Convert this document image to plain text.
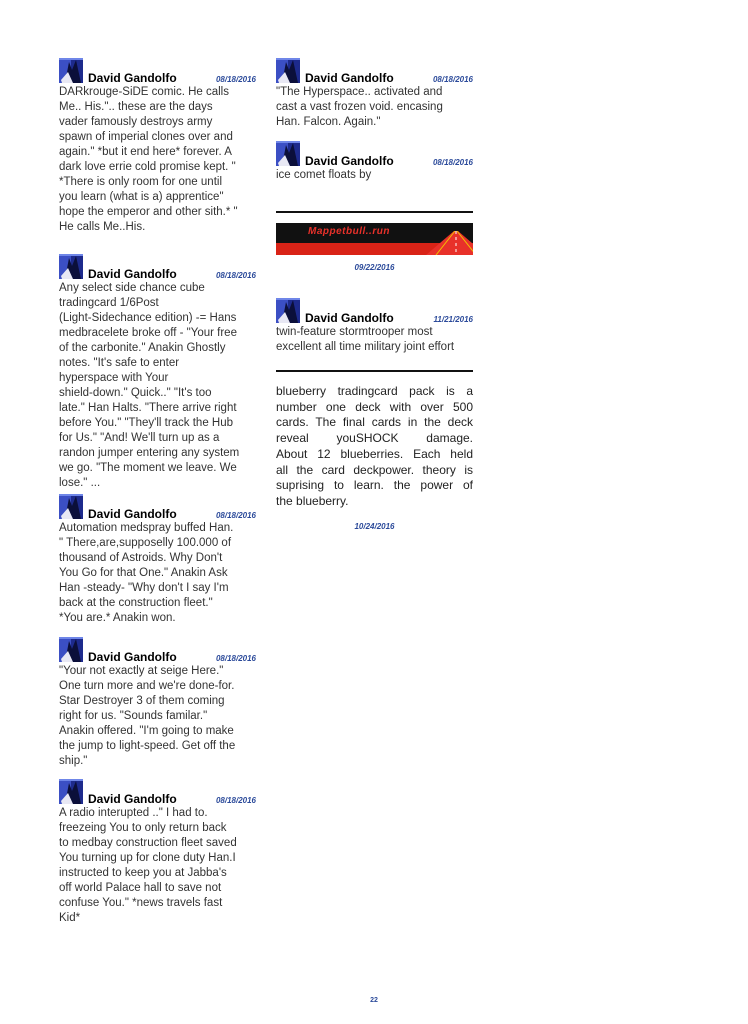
David Gandolfo	08/18/2016
DARkrouge-SiDE comic. He calls
Me.. His.".. these are the days
vader famously destroys army
spawn of imperial clones over and
again." *but it end here* forever. A
dark love errie cold promise kept. "
*There is only room for one until
you learn (what is a) apprentice"
hope the emperor and other sith.* "
He calls Me..His.
David Gandolfo	08/18/2016
Any select side chance cube
tradingcard 1/6Post
(Light-Sidechance edition) -= Hans
medbracelete broke off - "Your free
of the carbonite." Anakin Ghostly
notes. "It's safe to enter
hyperspace with Your
shield-down." Quick.." "It's too
late." Han Halts. "There arrive right
before You." "They'll track the Hub
for Us." "And! We'll turn up as a
randon jumper entering any system
we go. "The moment we leave. We
lose." ...
David Gandolfo	08/18/2016
Automation medspray buffed Han.
" There,are,supposelly 100.000 of
thousand of Astroids. Why Don't
You Go for that One." Anakin Ask
Han -steady- "Why don't I say I'm
back at the construction fleet."
*You are.* Anakin won.
David Gandolfo	08/18/2016
"Your not exactly at seige Here."
One turn more and we're done-for.
Star Destroyer 3 of them coming
right for us. "Sounds familar."
Anakin offered. "I'm going to make
the jump to light-speed. Get off the
ship."
David Gandolfo	08/18/2016
A radio interupted .." I had to.
freezeing You to only return back
to medbay construction fleet saved
You turning up for clone duty Han.I
instructed to keep you at Jabba's
off world Palace hall to save not
confuse You." *news travels fast
Kid*
David Gandolfo	08/18/2016
"The Hyperspace.. activated and
cast a vast frozen void. encasing
Han. Falcon. Again."
David Gandolfo	08/18/2016
ice comet floats by
Mappetbull..run
09/22/2016
David Gandolfo	11/21/2016
twin-feature stormtrooper most
excellent all time military joint effort
blueberry tradingcard pack is a
number one deck with over 500
cards. The final cards in the deck
reveal youSHOCK damage.
About 12 blueberries. Each held
all the card deckpower. theory is
suprising to learn. the power of
the blueberry.
10/24/2016
22
